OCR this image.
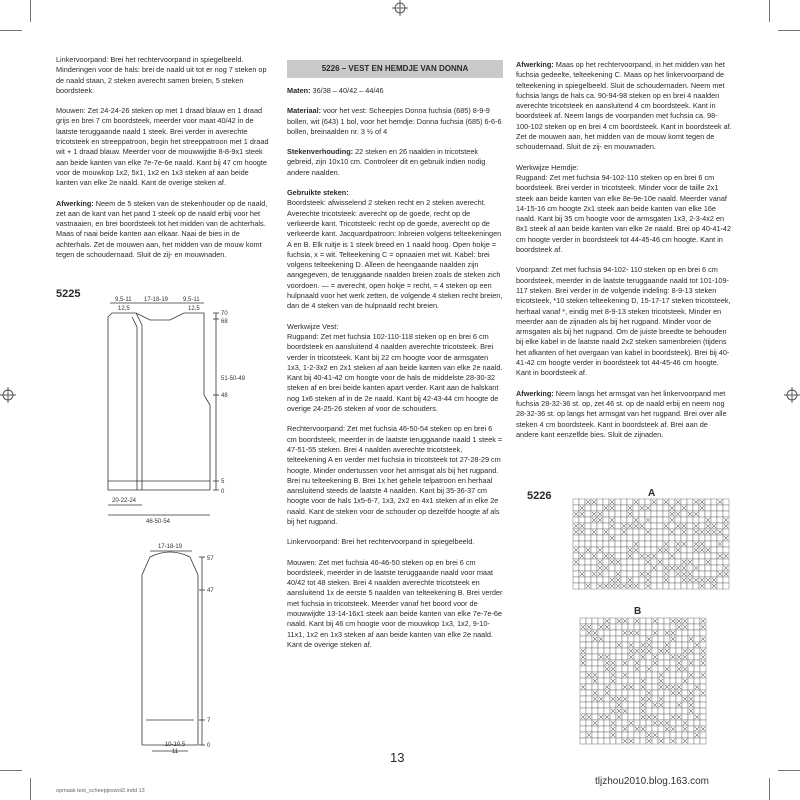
Linkervoorpand: Brei het rechtervoorpand in spiegelbeeld. Minderingen voor de hals: brei de naald uit tot er nog 7 steken op de naald staan, 2 steken averecht samen breien, 5 steken boordsteek.

Mouwen: Zet 24-24-26 steken op met 1 draad blauw en 1 draad grijs en brei 7 cm boordsteek, meerder voor maat 40/42 in de laatste teruggaande naald 1 steek. Brei verder in averechte tricotsteek en streeppatroon, begin het streeppatroon met 1 draad wit + 1 draad blauw. Meerder voor de mouwwijdte 8-8-9x1 steek aan beide kanten van elke 7e-7e-6e naald. Kant bij 47 cm hoogte voor de mouwkop 1x2, 5x1, 1x2 en 1x3 steken af aan beide kanten van elke 2e naald. Kant de overige steken af.

Afwerking: Neem de 5 steken van de stekenhouder op de naald, zet aan de kant van het pand 1 steek op de naald erbij voor het vastnaaien, en brei boordsteek tot het midden van de achterhals. Maas of naai beide kanten aan elkaar. Naai de bies in de achterhals. Zet de mouwen aan, het midden van de mouw komt tegen de schoudernaad. Sluit de zij- en mouwnaden.

5225	9,5-11 17-18-19 9,5-11
12,5	12,5
70
68
51-50-49
48
5
0
20-22-24
46-50-54
17-18-19
57
47
7
0
10-10,5
11
5226 – VEST EN HEMDJE VAN DONNA

Maten: 36/38 – 40/42 – 44/46

Materiaal: voor het vest: Scheepjes Donna fuchsia (685) 8-9-9 bollen, wit (643) 1 bol, voor het hemdje: Donna fuchsia (685) 6-6-6 bollen, breinaalden nr. 3 ½ of 4

Stekenverhouding: 22 steken en 26 naalden in tricotsteek gebreid, zijn 10x10 cm. Controleer dit en gebruik indien nodig andere naalden.

Gebruikte steken:

Boordsteek: afwisselend 2 steken recht en 2 steken averecht. Averechte tricotsteek: averecht op de goede, recht op de verkeerde kant. Tricotsteek: recht op de goede, averecht op de verkeerde kant. Jacquardpatroon: Inbreien volgens telteekeningen A en B. Elk ruitje is 1 steek breed en 1 naald hoog. Open hokje = fuchsia, x = wit. Telteekening C = opnaaien met wit. Kabel: brei volgens telteekening D. Alleen de heengaande naalden zijn aangegeven, de teruggaande naalden breien zoals de steken zich voordoen. — = averecht, open hokje = recht, = 4 steken op een hulpnaald voor het werk zetten, de volgende 4 steken recht breien, dan de 4 steken van de hulpnaald recht breien.

Werkwijze Vest:

Rugpand: Zet met fuchsia 102-110-118 steken op en brei 6 cm boordsteek en aansluitend 4 naalden averechte tricotsteek. Brei verder in tricotsteek. Kant bij 22 cm hoogte voor de armsgaten 1x3, 1-2-3x2 en 2x1 steken af aan beide kanten van elke 2e naald. Kant bij 40-41-42 cm hoogte voor de hals de middelste 28-30-32 steken af en brei beide kanten apart verder. Kant aan de halskant nog 1x6 steken af in de 2e naald. Kant bij 42-43-44 cm hoogte de overige 24-25-26 steken af voor de schouders.

Rechtervoorpand: Zet met fuchsia 46-50-54 steken op en brei 6 cm boordsteek, meerder in de laatste teruggaande naald 1 steek = 47-51-55 steken. Brei 4 naalden averechte tricotsteek, telteekening A en verder met fuchsia in tricotsteek tot 27-28-29 cm hoogte. Minder ondertussen voor het armsgat als bij het rugpand. Brei nu telteekening B. Brei 1x het gehele telpatroon en herhaal aansluitend steeds de laatste 4 naalden. Kant bij 35-36-37 cm hoogte voor de hals 1x5-6-7, 1x3, 2x2 en 4x1 steken af in elke 2e naald. Kant de steken voor de schouder op dezelfde hoogte af als bij het rugpand.

Linkervoorpand: Brei het rechtervoorpand in spiegelbeeld.

Mouwen: Zet met fuchsia 46-46-50 steken op en brei 6 cm boordsteek, meerder in de laatste teruggaande naald voor maat 40/42 tot 48 steken. Brei 4 naalden averechte tricotsteek en aansluitend 1x de eerste 5 naalden van telteekening B. Brei verder met fuchsia in tricotsteek. Meerder vanaf het boord voor de mouwwijdte 13-14-16x1 steek aan beide kanten van elke 7e-7e-6e naald. Kant bij 46 cm hoogte voor de mouwkop 1x3, 1x2, 9-10-11x1, 1x2 en 1x3 steken af aan beide kanten van elke 2e naald. Kant de overige steken af.

Afwerking: Maas op het rechtervoorpand, in het midden van het fuchsia gedeelte, telteekening C. Maas op het linkervoorpand de telteekening in spiegelbeeld. Sluit de schoudernaden. Neem met fuchsia langs de hals ca. 90-94-98 steken op en brei 4 naalden averechte tricotsteek en aansluitend 4 cm boordsteek. Kant in boordsteek af. Neem langs de voorpanden met fuchsia ca. 98-100-102 steken op en brei 4 cm boordsteek. Kant in boordsteek af. Zet de mouwen aan, het midden van de mouw komt tegen de schoudernaad. Sluit de zij- en mouwnaden.

Werkwijze Hemdje:

Rugpand: Zet met fuchsia 94-102-110 steken op en brei 6 cm boordsteek. Brei verder in tricotsteek. Minder voor de taille 2x1 steek aan beide kanten van elke 8e-9e-10e naald. Meerder vanaf 14-15-16 cm hoogte 2x1 steek aan beide kanten van elke 16e naald. Kant bij 35 cm hoogte voor de armsgaten 1x3, 2-3-4x2 en 8x1 steek af aan beide kanten van elke 2e naald. Brei op 40-41-42 cm hoogte verder in boordsteek tot 44-45-46 cm hoogte. Kant in boordsteek af.

Voorpand: Zet met fuchsia 94-102- 110 steken op en brei 6 cm boordsteek, meerder in de laatste teruggaande naald tot 101-109-117 steken. Brei verder in de volgende indeling: 8-9-13 steken tricotsteek, *10 steken telteekening D, 15-17-17 steken tricotsteek, herhaal vanaf *, eindig met 8-9-13 steken tricotsteek. Minder en meerder aan de zijnaden als bij het rugpand. Minder voor de armsgaten als bij het rugpand. Om de juiste breedte te behouden bij elke kabel in de laatste naald 2x2 steken samenbreien (tijdens het afkanten of het overgaan van kabel in boordsteek). Brei bij 40-41-42 cm hoogte verder in boordsteek tot 44-45-46 cm hoogte. Kant in boordsteek af.

Afwerking: Neem langs het armsgat van het linkervoorpand met fuchsia 28-32-36 st. op, zet 46 st. op de naald erbij en neem nog 28-32-36 st. op langs het armsgat van het rugpand. Brei over alle steken 4 cm boordsteek. Kant in boordsteek af. Brei aan de andere kant eenzelfde bies. Sluit de zijnaden.

5226	A
B
13
opmaak text_scheepjeswol2.indd 13
tljzhou2010.blog.163.com
